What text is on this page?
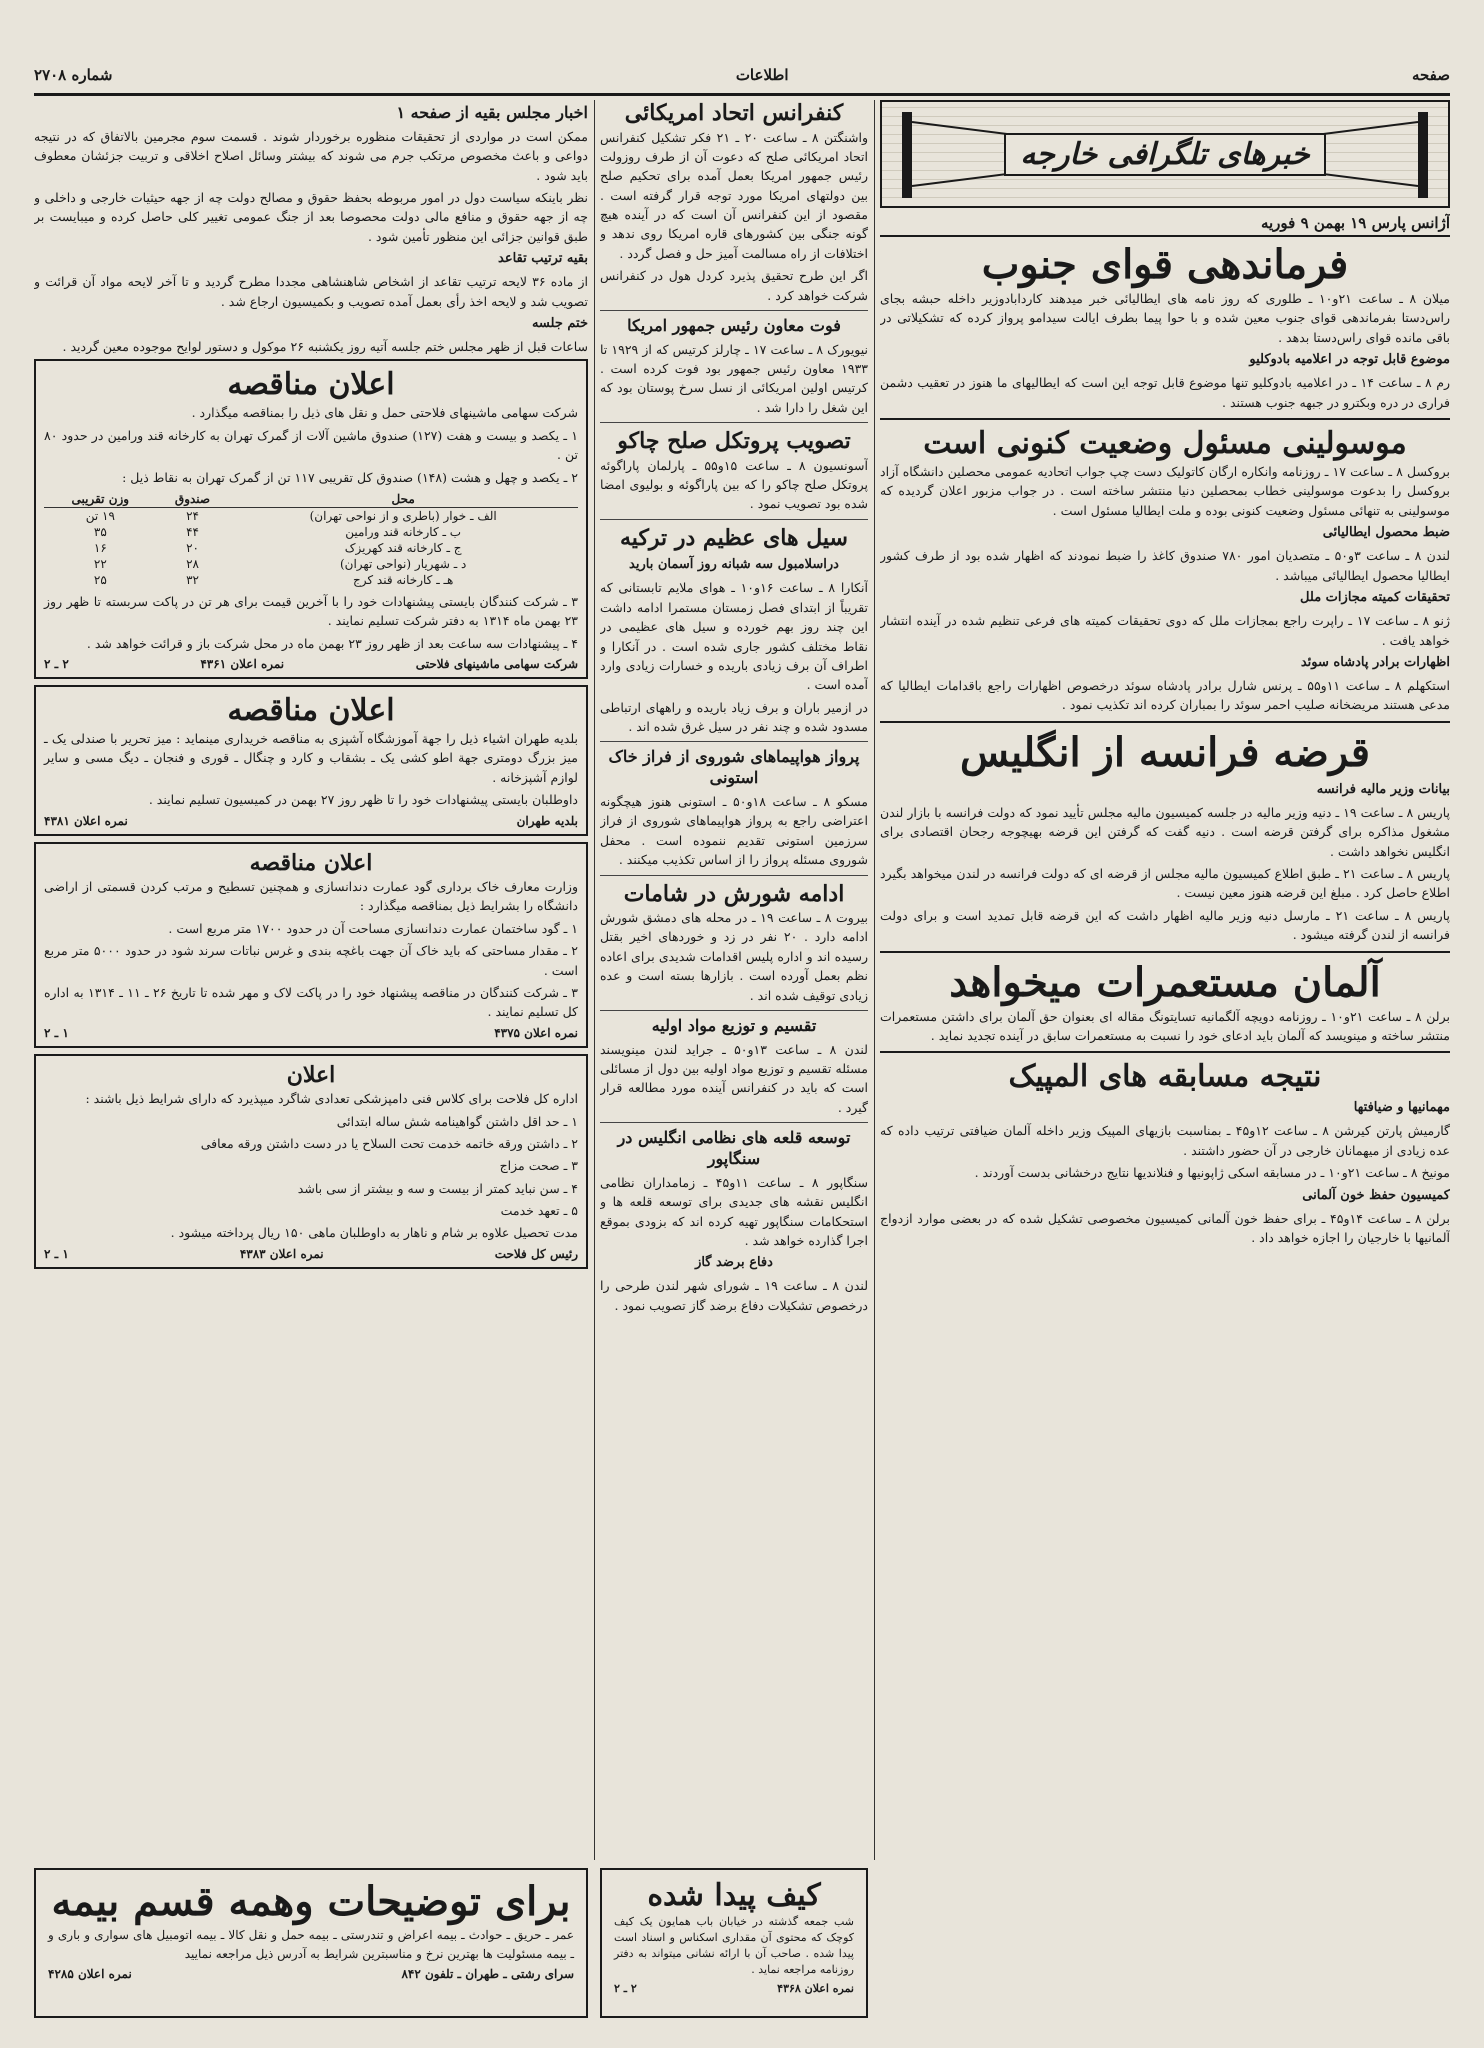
صفحه
اطلاعات
شماره ۲۷۰۸
خبرهای تلگرافی خارجه
آژانس پارس ۱۹ بهمن ۹ فوریه
فرماندهی قوای جنوب

میلان ۸ ـ ساعت ۲۱و۱۰ ـ طلوری که روز نامه های ایطالیائی خبر میدهند کاردابادوزیر داخله حبشه بجای راس‌دستا بفرماندهی قوای جنوب معین شده و با حوا پیما بطرف ایالت سیدامو پرواز کرده که تشکیلاتی در باقی مانده قوای راس‌دستا بدهد .

موضوع قابل توجه در اعلامیه بادوکلیو

رم ۸ ـ ساعت ۱۴ ـ در اعلامیه بادوکلیو تنها موضوع قابل توجه این است که ایطالیهای ما هنوز در تعقیب دشمن فراری در دره وبکترو در جبهه جنوب هستند .

موسولینی مسئول وضعیت کنونی است

بروکسل ۸ ـ ساعت ۱۷ ـ روزنامه وانکاره ارگان کاتولیک دست چپ جواب اتحادیه عمومی محصلین دانشگاه آزاد بروکسل را بدعوت موسولینی خطاب بمحصلین دنیا منتشر ساخته است . در جواب مزبور اعلان گردیده که موسولینی به تنهائی مسئول وضعیت کنونی بوده و ملت ایطالیا مسئول است .

ضبط محصول ایطالیائی

لندن ۸ ـ ساعت ۳و۵۰ ـ متصدیان امور ۷۸۰ صندوق کاغذ را ضبط نمودند که اظهار شده بود از طرف کشور ایطالیا محصول ایطالیائی میباشد .

تحقیقات کمیته مجازات ملل

ژنو ۸ ـ ساعت ۱۷ ـ راپرت راجع بمجازات ملل که دوی تحقیقات کمیته های فرعی تنظیم شده در آینده انتشار خواهد یافت .

اظهارات برادر پادشاه سوئد

استکهلم ۸ ـ ساعت ۱۱و۵۵ ـ پرنس شارل برادر پادشاه سوئد درخصوص اظهارات راجع باقدامات ایطالیا که مدعی هستند مریضخانه صلیب احمر سوئد را بمباران کرده اند تکذیب نمود .

قرضه فرانسه از انگلیس
بیانات وزیر مالیه فرانسه

پاریس ۸ ـ ساعت ۱۹ ـ دنیه وزیر مالیه در جلسه کمیسیون مالیه مجلس تأیید نمود که دولت فرانسه با بازار لندن مشغول مذاکره برای گرفتن قرضه است . دنیه گفت که گرفتن این قرضه بهیچوجه رجحان اقتصادی برای انگلیس نخواهد داشت .

پاریس ۸ ـ ساعت ۲۱ ـ طبق اطلاع کمیسیون مالیه مجلس از قرضه ای که دولت فرانسه در لندن میخواهد بگیرد اطلاع حاصل کرد . مبلغ این قرضه هنوز معین نیست .

پاریس ۸ ـ ساعت ۲۱ ـ مارسل دنیه وزیر مالیه اظهار داشت که این قرضه قابل تمدید است و برای دولت فرانسه از لندن گرفته میشود .

آلمان مستعمرات میخواهد

برلن ۸ ـ ساعت ۲۱و۱۰ ـ روزنامه دویچه آلگمانیه تسایتونگ مقاله ای بعنوان حق آلمان برای داشتن مستعمرات منتشر ساخته و مینویسد که آلمان باید ادعای خود را نسبت به مستعمرات سابق در آینده تجدید نماید .

نتیجه مسابقه های المپیک
مهمانیها و ضیافتها

گارمیش پارتن کیرشن ۸ ـ ساعت ۱۲و۴۵ ـ بمناسبت بازیهای المپیک وزیر داخله آلمان ضیافتی ترتیب داده که عده زیادی از میهمانان خارجی در آن حضور داشتند .

مونیخ ۸ ـ ساعت ۲۱و۱۰ ـ در مسابقه اسکی ژاپونیها و فنلاندیها نتایج درخشانی بدست آوردند .

کمیسیون حفظ خون آلمانی

برلن ۸ ـ ساعت ۱۴و۴۵ ـ برای حفظ خون آلمانی کمیسیون مخصوصی تشکیل شده که در بعضی موارد ازدواج آلمانیها با خارجیان را اجازه خواهد داد .

کنفرانس اتحاد امریکائی

واشنگتن ۸ ـ ساعت ۲۰ ـ ۲۱ فکر تشکیل کنفرانس اتحاد امریکائی صلح که دعوت آن از طرف روزولت رئیس جمهور امریکا بعمل آمده برای تحکیم صلح بین دولتهای امریکا مورد توجه قرار گرفته است . مقصود از این کنفرانس آن است که در آینده هیچ گونه جنگی بین کشورهای قاره امریکا روی ندهد و اختلافات از راه مسالمت آمیز حل و فصل گردد .

اگر این طرح تحقیق پذیرد کردل هول در کنفرانس شرکت خواهد کرد .

فوت معاون رئیس جمهور امریکا

نیویورک ۸ ـ ساعت ۱۷ ـ چارلز کرتیس که از ۱۹۲۹ تا ۱۹۳۳ معاون رئیس جمهور بود فوت کرده است . کرتیس اولین امریکائی از نسل سرخ پوستان بود که این شغل را دارا شد .

تصویب پروتکل صلح چاکو

آسونسیون ۸ ـ ساعت ۱۵و۵۵ ـ پارلمان پاراگوئه پروتکل صلح چاکو را که بین پاراگوئه و بولیوی امضا شده بود تصویب نمود .

سیل های عظیم در ترکیه
دراسلامبول سه شبانه روز آسمان بارید

آنکارا ۸ ـ ساعت ۱۶و۱۰ ـ هوای ملایم تابستانی که تقریباً از ابتدای فصل زمستان مستمرا ادامه داشت این چند روز بهم خورده و سیل های عظیمی در نقاط مختلف کشور جاری شده است . در آنکارا و اطراف آن برف زیادی باریده و خسارات زیادی وارد آمده است .

در ازمیر باران و برف زیاد باریده و راههای ارتباطی مسدود شده و چند نفر در سیل غرق شده اند .

پرواز هواپیماهای شوروی از فراز خاک استونی

مسکو ۸ ـ ساعت ۱۸و۵۰ ـ استونی هنوز هیچگونه اعتراضی راجع به پرواز هواپیماهای شوروی از فراز سرزمین استونی تقدیم ننموده است . محفل شوروی مسئله پرواز را از اساس تکذیب میکنند .

ادامه شورش در شامات

بیروت ۸ ـ ساعت ۱۹ ـ در محله های دمشق شورش ادامه دارد . ۲۰ نفر در زد و خوردهای اخیر بقتل رسیده اند و اداره پلیس اقدامات شدیدی برای اعاده نظم بعمل آورده است . بازارها بسته است و عده زیادی توقیف شده اند .

تقسیم و توزیع مواد اولیه

لندن ۸ ـ ساعت ۱۳و۵۰ ـ جراید لندن مینویسند مسئله تقسیم و توزیع مواد اولیه بین دول از مسائلی است که باید در کنفرانس آینده مورد مطالعه قرار گیرد .

توسعه قلعه های نظامی انگلیس در سنگاپور

سنگاپور ۸ ـ ساعت ۱۱و۴۵ ـ زمامداران نظامی انگلیس نقشه های جدیدی برای توسعه قلعه ها و استحکامات سنگاپور تهیه کرده اند که بزودی بموقع اجرا گذارده خواهد شد .

دفاع برضد گاز

لندن ۸ ـ ساعت ۱۹ ـ شورای شهر لندن طرحی را درخصوص تشکیلات دفاع برضد گاز تصویب نمود .

اخبار مجلس بقیه از صفحه ۱

ممکن است در مواردی از تحقیقات منظوره برخوردار شوند . قسمت سوم مجرمین بالاتفاق که در نتیجه دواعی و باعث مخصوص مرتکب جرم می شوند که بیشتر وسائل اصلاح اخلاقی و تربیت جزئشان معطوف باید شود .

نظر باینکه سیاست دول در امور مربوطه بحفظ حقوق و مصالح دولت چه از جهه حیثیات خارجی و داخلی و چه از جهه حقوق و منافع مالی دولت محصوصا بعد از جنگ عمومی تغییر کلی حاصل کرده و میبایست بر طبق قوانین جزائی این منظور تأمین شود .

بقیه ترتیب تقاعد

از ماده ۳۶ لایحه ترتیب تقاعد از اشخاص شاهنشاهی مجددا مطرح گردید و تا آخر لایحه مواد آن قرائت و تصویب شد و لایحه اخذ رأی بعمل آمده تصویب و بکمیسیون ارجاع شد .

ختم جلسه

ساعات قبل از ظهر مجلس ختم جلسه آتیه روز یکشنبه ۲۶ موکول و دستور لوایح موجوده معین گردید .

اعلان مناقصه

شرکت سهامی ماشینهای فلاحتی حمل و نقل های ذیل را بمناقصه میگذارد .

۱ ـ یکصد و بیست و هفت (۱۲۷) صندوق ماشین آلات از گمرک تهران به کارخانه قند ورامین در حدود ۸۰ تن .

۲ ـ یکصد و چهل و هشت (۱۴۸) صندوق کل تقریبی ۱۱۷ تن از گمرک تهران به نقاط ذیل :

محل	صندوق	وزن تقریبی
الف ـ خوار (باطری و از نواحی تهران)	۲۴	۱۹ تن
ب ـ کارخانه قند ورامین	۴۴	۳۵
ج ـ کارخانه قند کهریزک	۲۰	۱۶
د ـ شهریار (نواحی تهران)	۲۸	۲۲
هـ ـ کارخانه قند کرج	۳۲	۲۵

۳ ـ شرکت کنندگان بایستی پیشنهادات خود را با آخرین قیمت برای هر تن در پاکت سربسته تا ظهر روز ۲۳ بهمن ماه ۱۳۱۴ به دفتر شرکت تسلیم نمایند .

۴ ـ پیشنهادات سه ساعت بعد از ظهر روز ۲۳ بهمن ماه در محل شرکت باز و قرائت خواهد شد .

شرکت سهامی ماشینهای فلاحتی
نمره اعلان ۴۳۶۱
۲ ـ ۲
اعلان مناقصه

بلدیه طهران اشیاء ذیل را جهة آموزشگاه آشپزی به مناقصه خریداری مینماید : میز تحریر با صندلی یک ـ میز بزرگ دومتری جهة اطو کشی یک ـ بشقاب و کارد و چنگال ـ قوری و فنجان ـ دیگ مسی و سایر لوازم آشپزخانه .

داوطلبان بایستی پیشنهادات خود را تا ظهر روز ۲۷ بهمن در کمیسیون تسلیم نمایند .

بلدیه طهران
نمره اعلان ۴۳۸۱
اعلان مناقصه

وزارت معارف خاک برداری گود عمارت دندانسازی و همچنین تسطیح و مرتب کردن قسمتی از اراضی دانشگاه را بشرایط ذیل بمناقصه میگذارد :

۱ ـ گود ساختمان عمارت دندانسازی مساحت آن در حدود ۱۷۰۰ متر مربع است .

۲ ـ مقدار مساحتی که باید خاک آن جهت باغچه بندی و غرس نباتات سرند شود در حدود ۵۰۰۰ متر مربع است .

۳ ـ شرکت کنندگان در مناقصه پیشنهاد خود را در پاکت لاک و مهر شده تا تاریخ ۲۶ ـ ۱۱ ـ ۱۳۱۴ به اداره کل تسلیم نمایند .

نمره اعلان ۴۳۷۵
۱ ـ ۲
اعلان

اداره کل فلاحت برای کلاس فنی دامپزشکی تعدادی شاگرد میپذیرد که دارای شرایط ذیل باشند :

۱ ـ حد اقل داشتن گواهینامه شش ساله ابتدائی

۲ ـ داشتن ورقه خاتمه خدمت تحت السلاح یا در دست داشتن ورقه معافی

۳ ـ صحت مزاج

۴ ـ سن نباید کمتر از بیست و سه و بیشتر از سی باشد

۵ ـ تعهد خدمت

مدت تحصیل علاوه بر شام و ناهار به داوطلبان ماهی ۱۵۰ ریال پرداخته میشود .

رئیس کل فلاحت
نمره اعلان ۴۳۸۳
۱ ـ ۲
برای توضیحات وهمه قسم بیمه

عمر ـ حریق ـ حوادث ـ بیمه اعراض و تندرستی ـ بیمه حمل و نقل کالا ـ بیمه اتومبیل های سواری و باری و ـ بیمه مسئولیت ها بهترین نرخ و مناسبترین شرایط به آدرس ذیل مراجعه نمایید

سرای رشتی ـ طهران ـ تلفون ۸۴۲
نمره اعلان ۴۲۸۵
کیف پیدا شده

شب جمعه گذشته در خیابان باب همایون یک کیف کوچک که محتوی آن مقداری اسکناس و اسناد است پیدا شده . صاحب آن با ارائه نشانی میتواند به دفتر روزنامه مراجعه نماید .

نمره اعلان ۴۳۶۸
۲ ـ ۲
